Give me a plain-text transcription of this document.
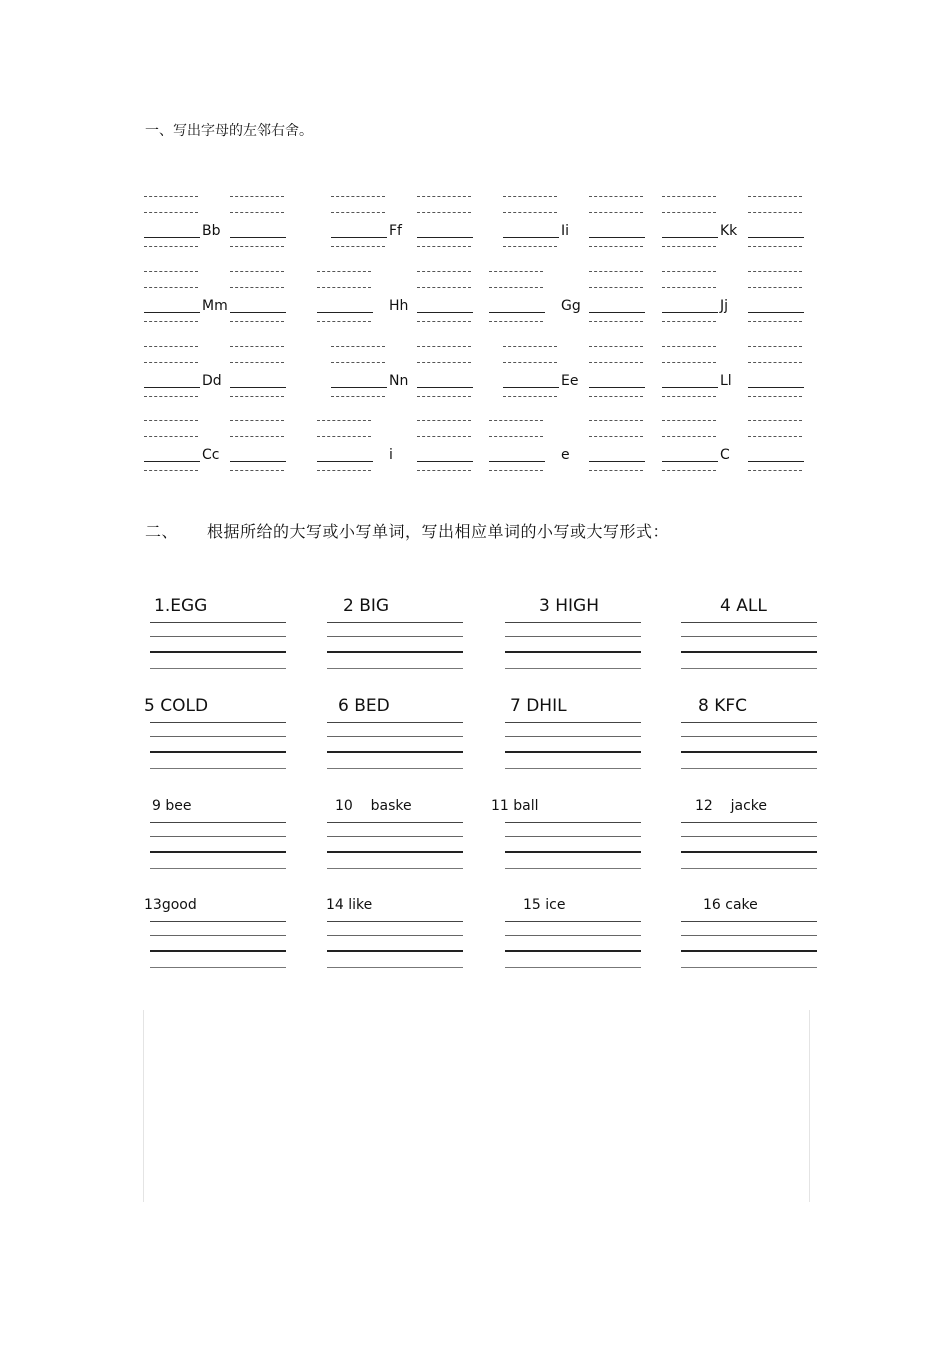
一、写出字母的左邻右舍。
Bb	Ff	Ii	Kk
Mm	Hh	Gg	Jj
Dd	Nn	Ee	Ll
Cc	i	e	C
二、 根据所给的大写或小写单词，写出相应单词的小写或大写形式：
1.EGG	2 BIG	3 HIGH	4 ALL
5 COLD	6 BED	7 DHIL	8 KFC
9 bee	10    baske	11 ball	12    jacke
13good	14 like	15 ice	16 cake
